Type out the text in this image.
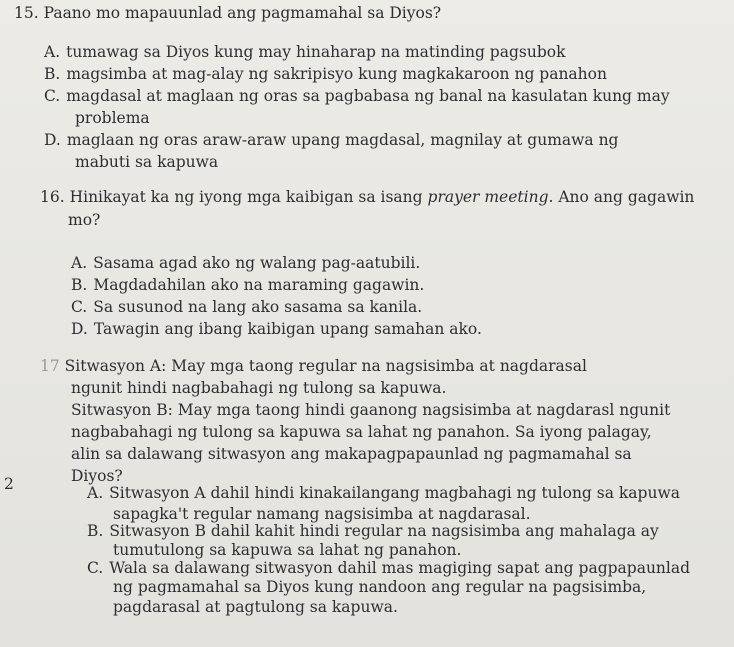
15. Paano mo mapauunlad ang pagmamahal sa Diyos?
A. tumawag sa Diyos kung may hinaharap na matinding pagsubok
B. magsimba at mag-alay ng sakripisyo kung magkakaroon ng panahon
C. magdasal at maglaan ng oras sa pagbabasa ng banal na kasulatan kung may
problema
D. maglaan ng oras araw-araw upang magdasal, magnilay at gumawa ng
mabuti sa kapuwa
16. Hinikayat ka ng iyong mga kaibigan sa isang prayer meeting. Ano ang gagawin
mo?
A. Sasama agad ako ng walang pag-aatubili.
B. Magdadahilan ako na maraming gagawin.
C. Sa susunod na lang ako sasama sa kanila.
D. Tawagin ang ibang kaibigan upang samahan ako.
17 Sitwasyon A: May mga taong regular na nagsisimba at nagdarasal
ngunit hindi nagbabahagi ng tulong sa kapuwa.
Sitwasyon B: May mga taong hindi gaanong nagsisimba at nagdarasl ngunit
nagbabahagi ng tulong sa kapuwa sa lahat ng panahon. Sa iyong palagay,
alin sa dalawang sitwasyon ang makapagpapaunlad ng pagmamahal sa
Diyos?
2	A. Sitwasyon A dahil hindi kinakailangang magbahagi ng tulong sa kapuwa
sapagka't regular namang nagsisimba at nagdarasal.
B. Sitwasyon B dahil kahit hindi regular na nagsisimba ang mahalaga ay
tumutulong sa kapuwa sa lahat ng panahon.
C. Wala sa dalawang sitwasyon dahil mas magiging sapat ang pagpapaunlad
ng pagmamahal sa Diyos kung nandoon ang regular na pagsisimba,
pagdarasal at pagtulong sa kapuwa.
